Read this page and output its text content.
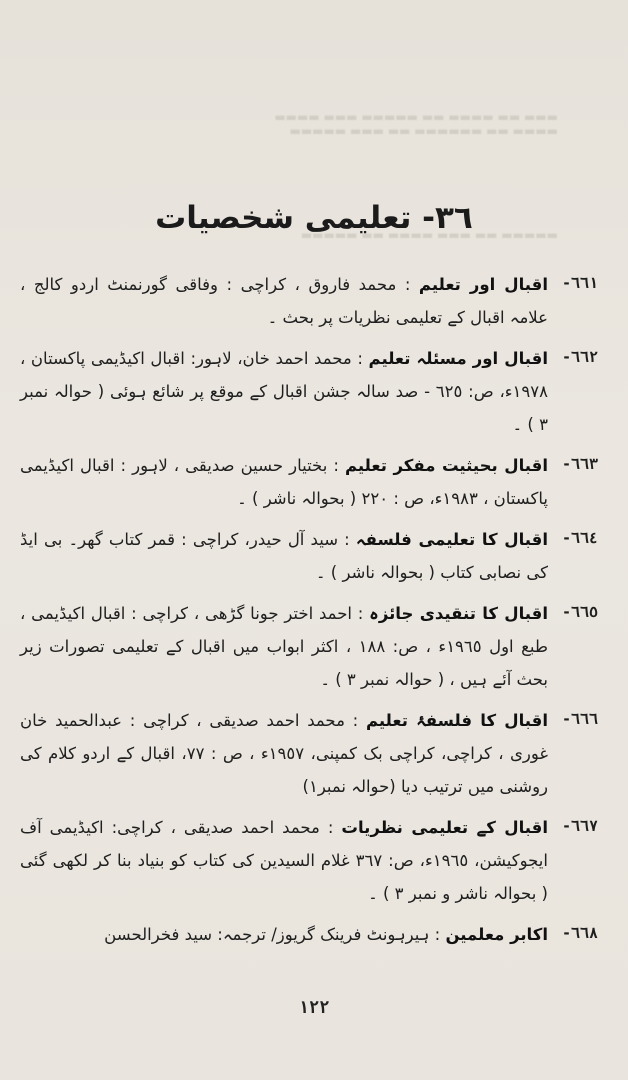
▬▬▬ ▬▬ ▬▬▬▬ ▬▬ ▬▬▬▬▬ ▬▬▬ ▬▬▬▬
▬▬▬▬ ▬▬ ▬▬▬▬▬▬ ▬▬ ▬▬▬ ▬▬▬▬▬
▬▬▬▬▬ ▬▬ ▬▬▬ ▬▬▬▬ ▬▬ ▬▬▬▬▬
٣٦- تعلیمی شخصیات
-٦٦١
اقبال اور تعلیم : محمد فاروق ، کراچی : وفاقی گورنمنٹ اردو کالج ، علامہ اقبال کے تعلیمی نظریات پر بحث ۔
-٦٦٢
اقبال اور مسئلہ تعلیم : محمد احمد خان، لاہور: اقبال اکیڈیمی پاکستان ، ١٩٧٨ء، ص: ٦٢٥ - صد سالہ جشن اقبال کے موقع پر شائع ہوئی ( حوالہ نمبر ٣ ) ۔
-٦٦٣
اقبال بحیثیت مفکر تعلیم : بختیار حسین صدیقی ، لاہور : اقبال اکیڈیمی پاکستان ، ١٩٨٣ء، ص : ٢٢٠ ( بحوالہ ناشر ) ۔
-٦٦٤
اقبال کا تعلیمی فلسفہ : سید آل حیدر، کراچی : قمر کتاب گھر۔ بی ایڈ کی نصابی کتاب ( بحوالہ ناشر ) ۔
-٦٦٥
اقبال کا تنقیدی جائزہ : احمد اختر جونا گڑھی ، کراچی : اقبال اکیڈیمی ، طبع اول ١٩٦٥ء ، ص: ١٨٨ ، اکثر ابواب میں اقبال کے تعلیمی تصورات زیر بحث آئے ہیں ، ( حوالہ نمبر ٣ ) ۔
-٦٦٦
اقبال کا فلسفۂ تعلیم : محمد احمد صدیقی ، کراچی : عبدالحمید خان غوری ، کراچی، کراچی بک کمپنی، ١٩٥٧ء ، ص : ٧٧، اقبال کے اردو کلام کی روشنی میں ترتیب دیا (حوالہ نمبر١)
-٦٦٧
اقبال کے تعلیمی نظریات : محمد احمد صدیقی ، کراچی: اکیڈیمی آف ایجوکیشن، ١٩٦٥ء، ص: ٣٦٧ غلام السیدین کی کتاب کو بنیاد بنا کر لکھی گئی ( بحوالہ ناشر و نمبر ٣ ) ۔
-٦٦٨
اکابر معلمین : ہیرہونٹ فرینک گریوز/ ترجمہ: سید فخرالحسن
١٢٢
